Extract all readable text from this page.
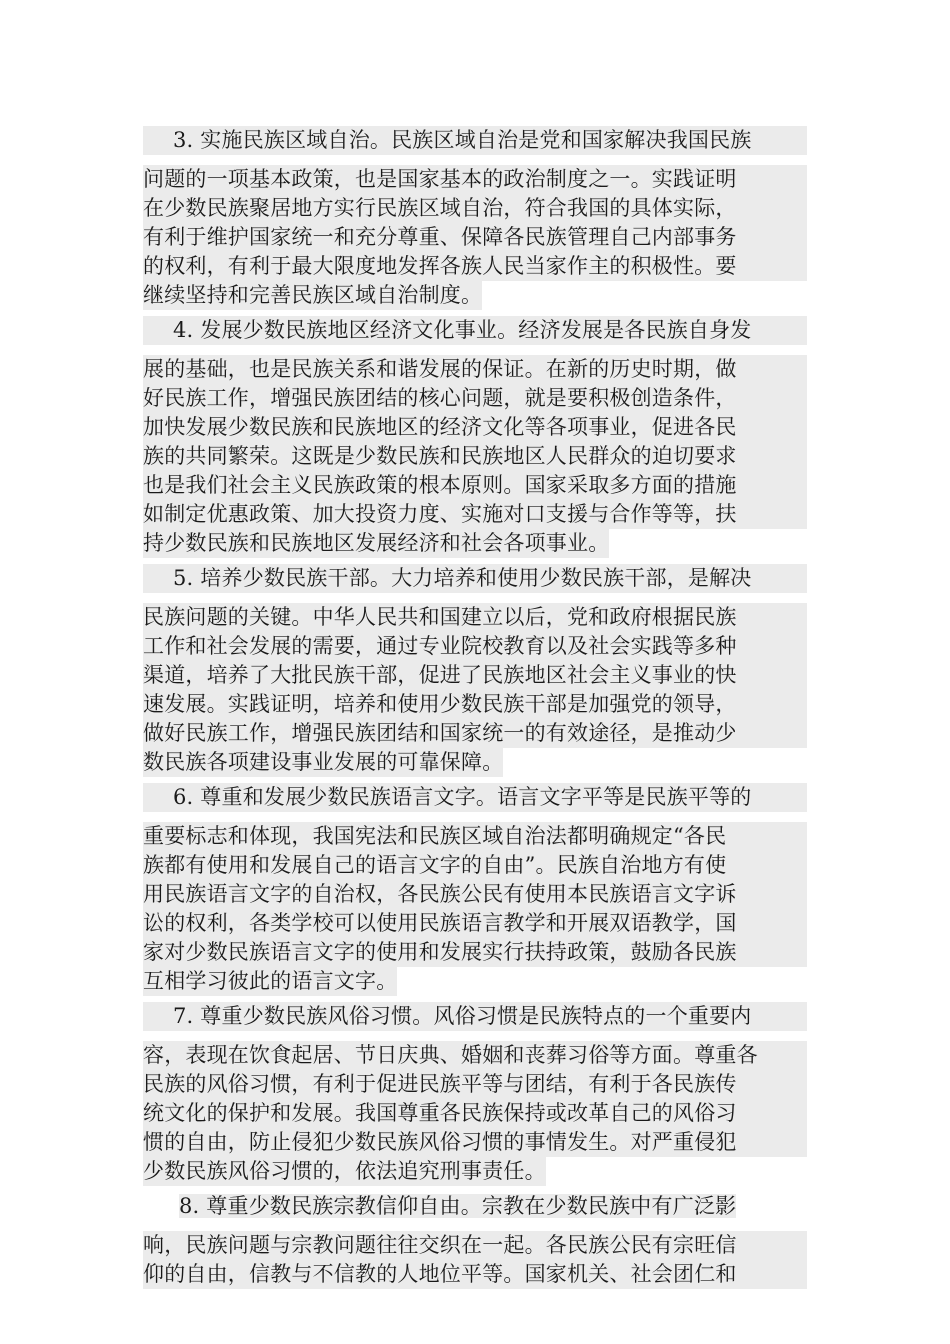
3. 实施民族区域自治。民族区域自治是党和国家解决我国民族
问题的一项基本政策，也是国家基本的政治制度之一。实践证明
在少数民族聚居地方实行民族区域自治，符合我国的具体实际，
有利于维护国家统一和充分尊重、保障各民族管理自己内部事务
的权利，有利于最大限度地发挥各族人民当家作主的积极性。要
继续坚持和完善民族区域自治制度。
4. 发展少数民族地区经济文化事业。经济发展是各民族自身发
展的基础，也是民族关系和谐发展的保证。在新的历史时期，做
好民族工作，增强民族团结的核心问题，就是要积极创造条件，
加快发展少数民族和民族地区的经济文化等各项事业，促进各民
族的共同繁荣。这既是少数民族和民族地区人民群众的迫切要求
也是我们社会主义民族政策的根本原则。国家采取多方面的措施
如制定优惠政策、加大投资力度、实施对口支援与合作等等，扶
持少数民族和民族地区发展经济和社会各项事业。
5. 培养少数民族干部。大力培养和使用少数民族干部，是解决
民族问题的关键。中华人民共和国建立以后，党和政府根据民族
工作和社会发展的需要，通过专业院校教育以及社会实践等多种
渠道，培养了大批民族干部，促进了民族地区社会主义事业的快
速发展。实践证明，培养和使用少数民族干部是加强党的领导，
做好民族工作，增强民族团结和国家统一的有效途径，是推动少
数民族各项建设事业发展的可靠保障。
6. 尊重和发展少数民族语言文字。语言文字平等是民族平等的
重要标志和体现，我国宪法和民族区域自治法都明确规定“各民
族都有使用和发展自己的语言文字的自由”。民族自治地方有使
用民族语言文字的自治权，各民族公民有使用本民族语言文字诉
讼的权利，各类学校可以使用民族语言教学和开展双语教学，国
家对少数民族语言文字的使用和发展实行扶持政策，鼓励各民族
互相学习彼此的语言文字。
7. 尊重少数民族风俗习惯。风俗习惯是民族特点的一个重要内
容，表现在饮食起居、节日庆典、婚姻和丧葬习俗等方面。尊重各
民族的风俗习惯，有利于促进民族平等与团结，有利于各民族传
统文化的保护和发展。我国尊重各民族保持或改革自己的风俗习
惯的自由，防止侵犯少数民族风俗习惯的事情发生。对严重侵犯
少数民族风俗习惯的，依法追究刑事责任。
8. 尊重少数民族宗教信仰自由。宗教在少数民族中有广泛影
响，民族问题与宗教问题往往交织在一起。各民族公民有宗旺信
仰的自由，信教与不信教的人地位平等。国家机关、社会团仁和
